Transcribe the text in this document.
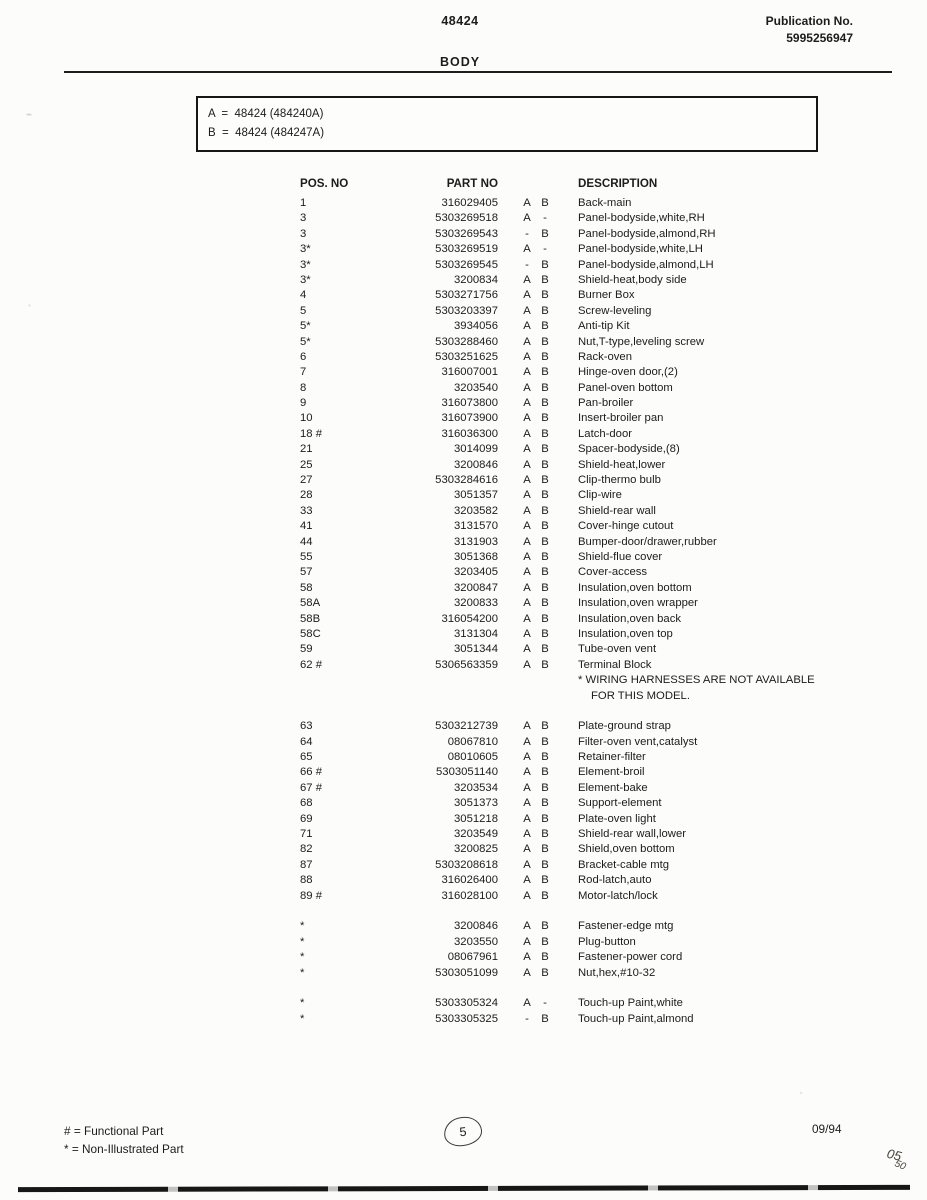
48424	Publication No.
5995256947
BODY
A  =  48424 (484240A)
B  =  48424 (484247A)
POS. NO	PART NO	DESCRIPTION
1	316029405	A B	Back-main
3	5303269518	A	-	Panel-bodyside,white,RH
3	5303269543	-	B	Panel-bodyside,almond,RH
3*	5303269519	A	-	Panel-bodyside,white,LH
3*	5303269545	-	B	Panel-bodyside,almond,LH
3*	3200834	A B	Shield-heat,body side
4	5303271756	A B	Burner Box
5	5303203397	A B	Screw-leveling
5*	3934056	A B	Anti-tip Kit
5*	5303288460	A B	Nut,T-type,leveling screw
6	5303251625	A B	Rack-oven
7	316007001	A B	Hinge-oven door,(2)
8	3203540	A B	Panel-oven bottom
9	316073800	A B	Pan-broiler
10	316073900	A B	Insert-broiler pan
18 #	316036300	A B	Latch-door
21	3014099	A B	Spacer-bodyside,(8)
25	3200846	A B	Shield-heat,lower
27	5303284616	A B	Clip-thermo bulb
28	3051357	A B	Clip-wire
33	3203582	A B	Shield-rear wall
41	3131570	A B	Cover-hinge cutout
44	3131903	A B	Bumper-door/drawer,rubber
55	3051368	A B	Shield-flue cover
57	3203405	A B	Cover-access
58	3200847	A B	Insulation,oven bottom
58A	3200833	A B	Insulation,oven wrapper
58B	316054200	A B	Insulation,oven back
58C	3131304	A B	Insulation,oven top
59	3051344	A B	Tube-oven vent
62 #	5306563359	A B	Terminal Block
* WIRING HARNESSES ARE NOT AVAILABLE
FOR THIS MODEL.
63	5303212739	A B	Plate-ground strap
64	08067810	A B	Filter-oven vent,catalyst
65	08010605	A B	Retainer-filter
66 #	5303051140	A B	Element-broil
67 #	3203534	A B	Element-bake
68	3051373	A B	Support-element
69	3051218	A B	Plate-oven light
71	3203549	A B	Shield-rear wall,lower
82	3200825	A B	Shield,oven bottom
87	5303208618	A B	Bracket-cable mtg
88	316026400	A B	Rod-latch,auto
89 #	316028100	A B	Motor-latch/lock
*	3200846	A B	Fastener-edge mtg
*	3203550	A B	Plug-button
*	08067961	A B	Fastener-power cord
*	5303051099	A B	Nut,hex,#10-32
*	5303305324	A	-	Touch-up Paint,white
*	5303305325	-	B	Touch-up Paint,almond
# = Functional Part
* = Non-Illustrated Part
5	09/94
05
50
~
.
,
